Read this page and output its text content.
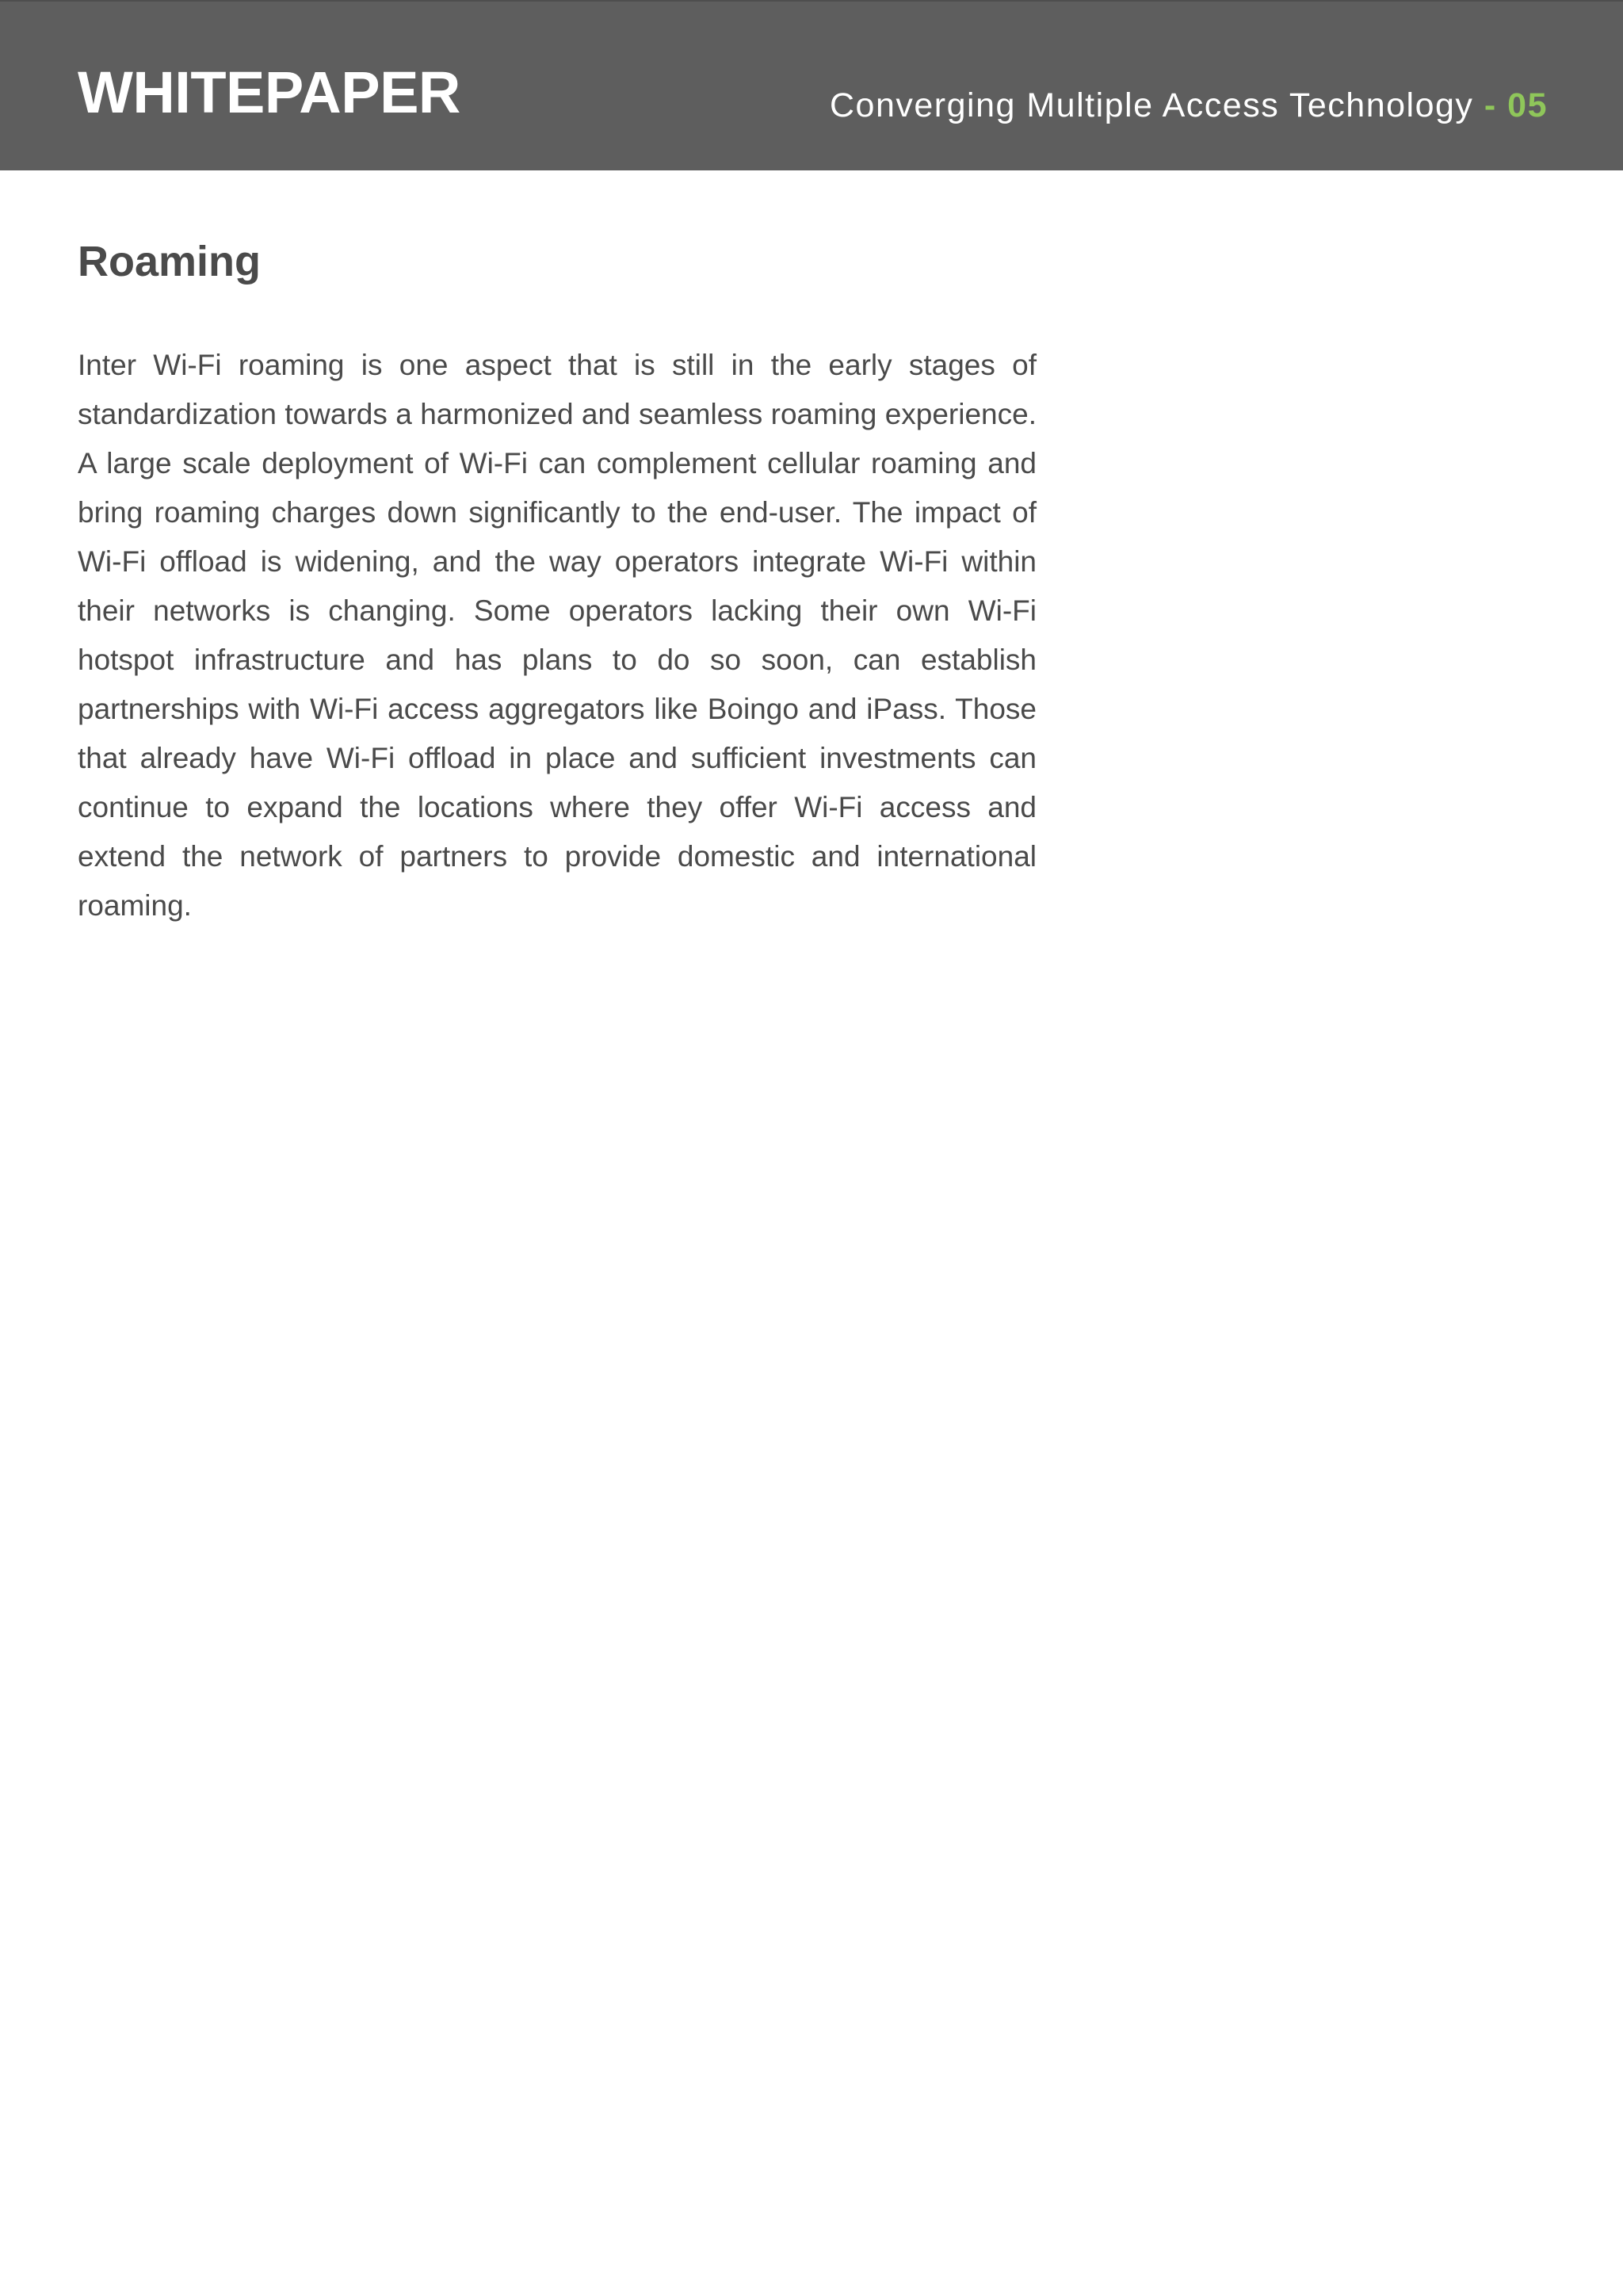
WHITEPAPER	Converging Multiple Access Technology - 05
Roaming

Inter Wi-Fi roaming is one aspect that is still in the early stages of standardization towards a harmonized and seamless roaming experience. A large scale deployment of Wi-Fi can complement cellular roaming and bring roaming charges down significantly to the end-user. The impact of Wi-Fi offload is widening, and the way operators integrate Wi-Fi within their networks is changing. Some operators lacking their own Wi-Fi hotspot infrastructure and has plans to do so soon, can establish partnerships with Wi-Fi access aggregators like Boingo and iPass. Those that already have Wi-Fi offload in place and sufficient investments can continue to expand the locations where they offer Wi-Fi access and extend the network of partners to provide domestic and international roaming.
